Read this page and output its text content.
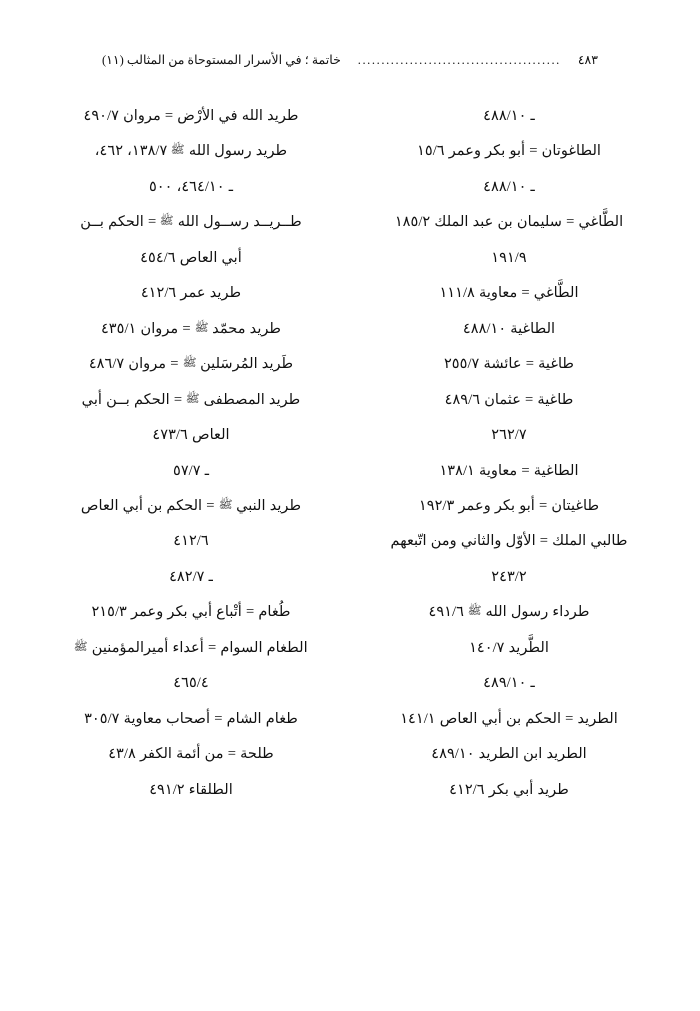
خاتمة ؛ في الأسرار المستوحاة من المثالب (١١)	...........................................	٤٨٣
ـ ٤٨٨/١٠
الطاغوتان = أبو بكر وعمر ١٥/٦
ـ ٤٨٨/١٠
الطَّاغي = سليمان بن عبد الملك ١٨٥/٢
١٩١/٩
الطَّاغي = معاوية ١١١/٨
الطاغية ٤٨٨/١٠
طاغية = عائشة ٢٥٥/٧
طاغية = عثمان ٤٨٩/٦
٢٦٢/٧
الطاغية = معاوية ١٣٨/١
طاغيتان = أبو بكر وعمر ١٩٢/٣
طالبي الملك = الأوّل والثاني ومن اتّبعهم
٢٤٣/٢
طرداء رسول الله ﷺ ٤٩١/٦
الطَّريد ١٤٠/٧
ـ ٤٨٩/١٠
الطريد = الحكم بن أبي العاص ١٤١/١
الطريد ابن الطريد ٤٨٩/١٠
طريد أبي بكر ٤١٢/٦
طريد الله في الأرْض = مروان ٤٩٠/٧
طريد رسول الله ﷺ ١٣٨/٧، ٤٦٢،
ـ ٤٦٤/١٠، ٥٠٠
طــريــد رســول الله ﷺ = الحكم بــن
أبي العاص ٤٥٤/٦
طريد عمر ٤١٢/٦
طريد محمّد ﷺ = مروان ٤٣٥/١
طَريد المُرسَلين ﷺ = مروان ٤٨٦/٧
طريد المصطفى ﷺ = الحكم بــن أبي
العاص ٤٧٣/٦
ـ ٥٧/٧
طريد النبي ﷺ = الحكم بن أبي العاص
٤١٢/٦
ـ ٤٨٢/٧
طُغام = أتْباع أبي بكر وعمر ٢١٥/٣
الطغام السوام = أعداء أميرالمؤمنين ﷺ
٤٦٥/٤
طغام الشام = أصحاب معاوية ٣٠٥/٧
طلحة = من أئمة الكفر ٤٣/٨
الطلقاء ٤٩١/٢
